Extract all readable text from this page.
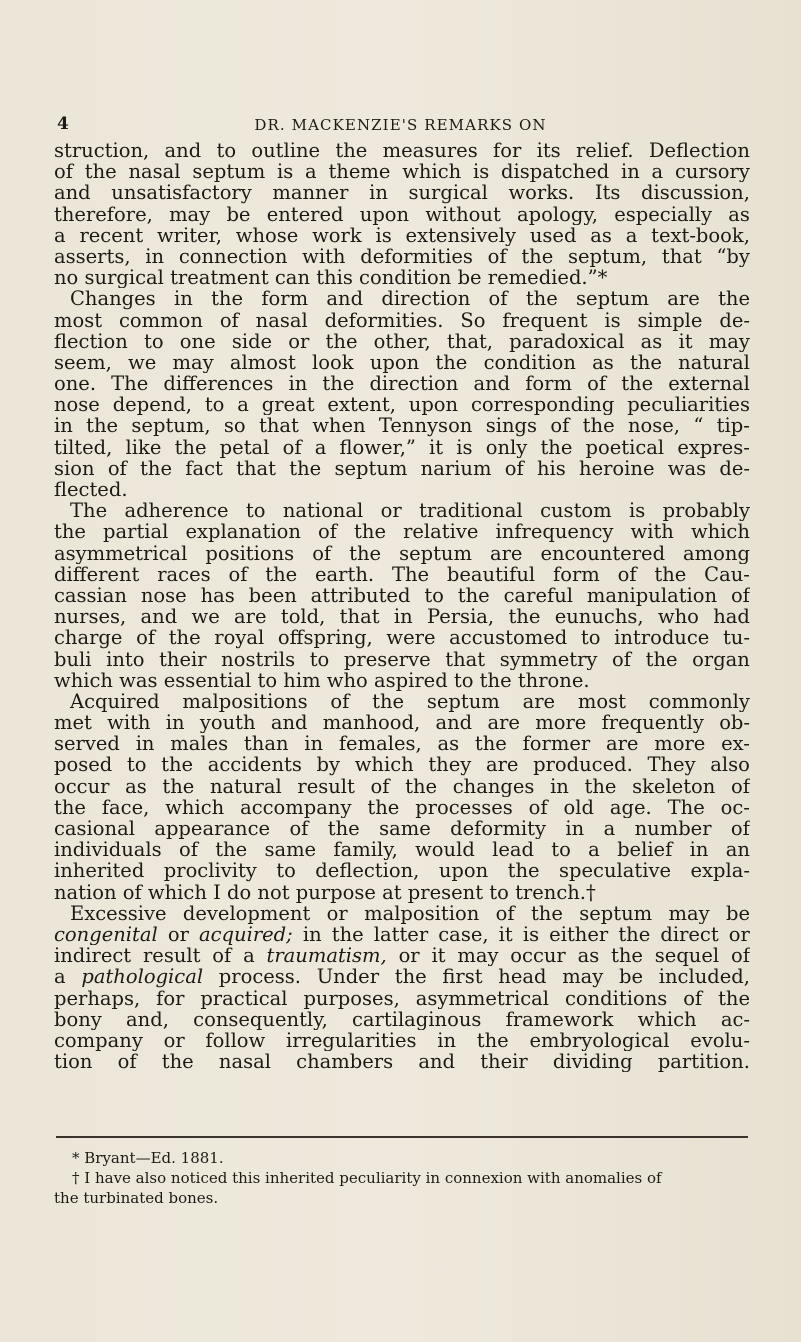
4	DR. MACKENZIE'S REMARKS ON
struction, and to outline the measures for its relief. Deflection
of the nasal septum is a theme which is dispatched in a cursory
and unsatisfactory manner in surgical works. Its discussion,
therefore, may be entered upon without apology, especially as
a recent writer, whose work is extensively used as a text-book,
asserts, in connection with deformities of the septum, that “by
no surgical treatment can this condition be remedied.”*
Changes in the form and direction of the septum are the
most common of nasal deformities. So frequent is simple de-
flection to one side or the other, that, paradoxical as it may
seem, we may almost look upon the condition as the natural
one. The differences in the direction and form of the external
nose depend, to a great extent, upon corresponding peculiarities
in the septum, so that when Tennyson sings of the nose, “ tip-
tilted, like the petal of a flower,” it is only the poetical expres-
sion of the fact that the septum narium of his heroine was de-
flected.
The adherence to national or traditional custom is probably
the partial explanation of the relative infrequency with which
asymmetrical positions of the septum are encountered among
different races of the earth. The beautiful form of the Cau-
cassian nose has been attributed to the careful manipulation of
nurses, and we are told, that in Persia, the eunuchs, who had
charge of the royal offspring, were accustomed to introduce tu-
buli into their nostrils to preserve that symmetry of the organ
which was essential to him who aspired to the throne.
Acquired malpositions of the septum are most commonly
met with in youth and manhood, and are more frequently ob-
served in males than in females, as the former are more ex-
posed to the accidents by which they are produced. They also
occur as the natural result of the changes in the skeleton of
the face, which accompany the processes of old age. The oc-
casional appearance of the same deformity in a number of
individuals of the same family, would lead to a belief in an
inherited proclivity to deflection, upon the speculative expla-
nation of which I do not purpose at present to trench.†
Excessive development or malposition of the septum may be
congenital or acquired; in the latter case, it is either the direct or
indirect result of a traumatism, or it may occur as the sequel of
a pathological process. Under the first head may be included,
perhaps, for practical purposes, asymmetrical conditions of the
bony and, consequently, cartilaginous framework which ac-
company or follow irregularities in the embryological evolu-
tion of the nasal chambers and their dividing partition.
* Bryant—Ed. 1881.
† I have also noticed this inherited peculiarity in connexion with anomalies of
the turbinated bones.
